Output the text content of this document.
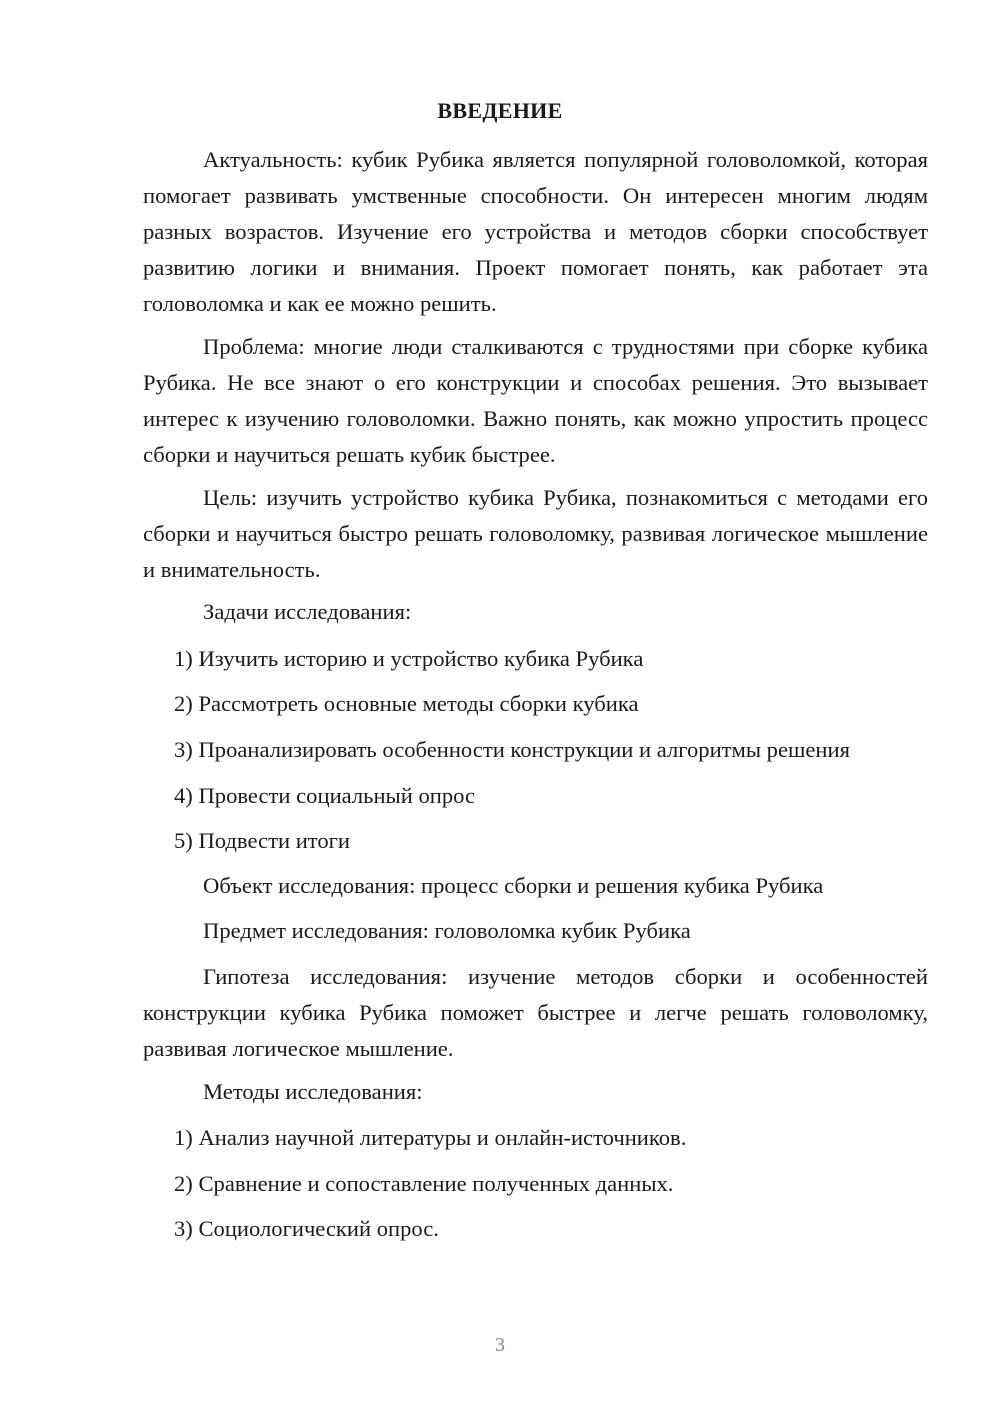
ВВЕДЕНИЕ

Актуальность: кубик Рубика является популярной головоломкой, которая помогает развивать умственные способности. Он интересен многим людям разных возрастов. Изучение его устройства и методов сборки способствует развитию логики и внимания. Проект помогает понять, как работает эта головоломка и как ее можно решить.

Проблема: многие люди сталкиваются с трудностями при сборке кубика Рубика. Не все знают о его конструкции и способах решения. Это вызывает интерес к изучению головоломки. Важно понять, как можно упростить процесс сборки и научиться решать кубик быстрее.

Цель: изучить устройство кубика Рубика, познакомиться с методами его сборки и научиться быстро решать головоломку, развивая логическое мышление и внимательность.

Задачи исследования:

1) Изучить историю и устройство кубика Рубика

2) Рассмотреть основные методы сборки кубика

3) Проанализировать особенности конструкции и алгоритмы решения

4) Провести социальный опрос

5) Подвести итоги

Объект исследования: процесс сборки и решения кубика Рубика

Предмет исследования: головоломка кубик Рубика

Гипотеза исследования: изучение методов сборки и особенностей конструкции кубика Рубика поможет быстрее и легче решать головоломку, развивая логическое мышление.

Методы исследования:

1) Анализ научной литературы и онлайн-источников.

2) Сравнение и сопоставление полученных данных.

3) Социологический опрос.

3
